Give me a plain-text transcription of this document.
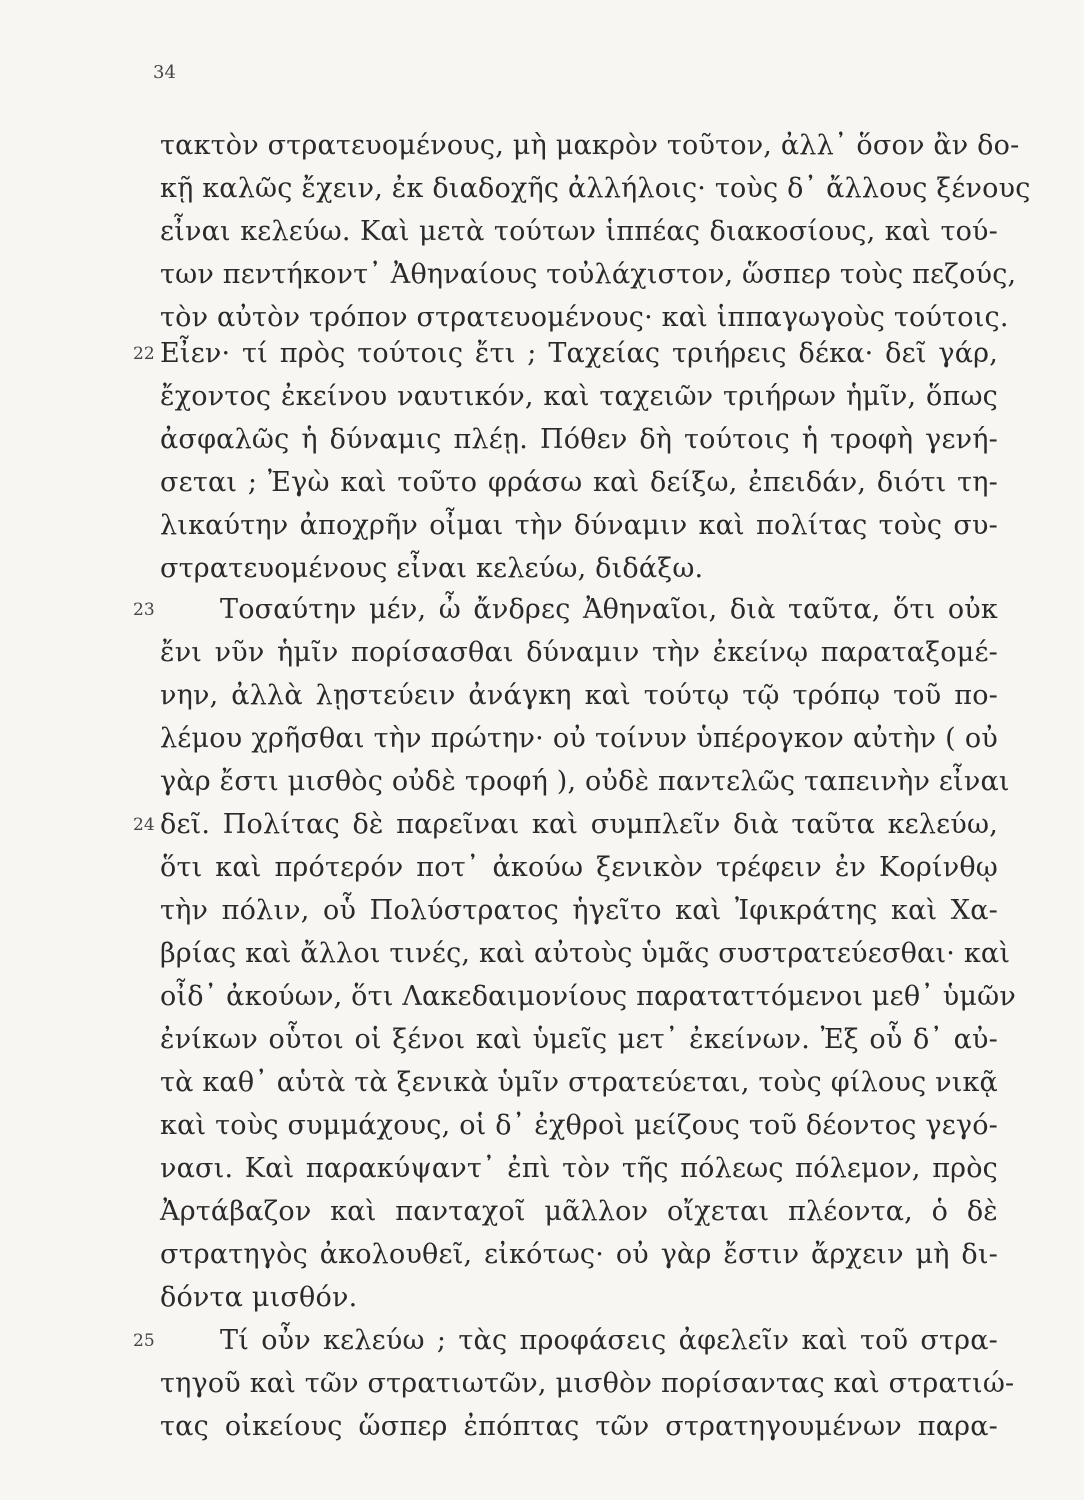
34
τακτὸν στρατευομένους, μὴ μακρὸν τοῦτον, ἀλλ᾽ ὅσον ἂν δο-
κῇ καλῶς ἔχειν, ἐκ διαδοχῆς ἀλλήλοις· τοὺς δ᾽ ἄλλους ξένους
εἶναι κελεύω. Καὶ μετὰ τούτων ἱππέας διακοσίους, καὶ τού-
των πεντήκοντ᾽ Ἀθηναίους τοὐλάχιστον, ὥσπερ τοὺς πεζούς,
τὸν αὐτὸν τρόπον στρατευομένους· καὶ ἱππαγωγοὺς τούτοις.
22 Εἶεν· τί πρὸς τούτοις ἔτι ; Ταχείας τριήρεις δέκα· δεῖ γάρ,
ἔχοντος ἐκείνου ναυτικόν, καὶ ταχειῶν τριήρων ἡμῖν, ὅπως
ἀσφαλῶς ἡ δύναμις πλέῃ. Πόθεν δὴ τούτοις ἡ τροφὴ γενή-
σεται ; Ἐγὼ καὶ τοῦτο φράσω καὶ δείξω, ἐπειδάν, διότι τη-
λικαύτην ἀποχρῆν οἶμαι τὴν δύναμιν καὶ πολίτας τοὺς συ-
στρατευομένους εἶναι κελεύω, διδάξω.
23 Τοσαύτην μέν, ὦ ἄνδρες Ἀθηναῖοι, διὰ ταῦτα, ὅτι οὐκ
ἔνι νῦν ἡμῖν πορίσασθαι δύναμιν τὴν ἐκείνῳ παραταξομέ-
νην, ἀλλὰ λῃστεύειν ἀνάγκη καὶ τούτῳ τῷ τρόπῳ τοῦ πο-
λέμου χρῆσθαι τὴν πρώτην· οὐ τοίνυν ὑπέρογκον αὐτὴν ( οὐ
γὰρ ἔστι μισθὸς οὐδὲ τροφή ), οὐδὲ παντελῶς ταπεινὴν εἶναι
24 δεῖ. Πολίτας δὲ παρεῖναι καὶ συμπλεῖν διὰ ταῦτα κελεύω,
ὅτι καὶ πρότερόν ποτ᾽ ἀκούω ξενικὸν τρέφειν ἐν Κορίνθῳ
τὴν πόλιν, οὗ Πολύστρατος ἡγεῖτο καὶ Ἰφικράτης καὶ Χα-
βρίας καὶ ἄλλοι τινές, καὶ αὐτοὺς ὑμᾶς συστρατεύεσθαι· καὶ
οἶδ᾽ ἀκούων, ὅτι Λακεδαιμονίους παραταττόμενοι μεθ᾽ ὑμῶν
ἐνίκων οὗτοι οἱ ξένοι καὶ ὑμεῖς μετ᾽ ἐκείνων. Ἐξ οὗ δ᾽ αὐ-
τὰ καθ᾽ αὑτὰ τὰ ξενικὰ ὑμῖν στρατεύεται, τοὺς φίλους νικᾷ
καὶ τοὺς συμμάχους, οἱ δ᾽ ἐχθροὶ μείζους τοῦ δέοντος γεγό-
νασι. Καὶ παρακύψαντ᾽ ἐπὶ τὸν τῆς πόλεως πόλεμον, πρὸς
Ἀρτάβαζον καὶ πανταχοῖ μᾶλλον οἴχεται πλέοντα, ὁ δὲ
στρατηγὸς ἀκολουθεῖ, εἰκότως· οὐ γὰρ ἔστιν ἄρχειν μὴ δι-
δόντα μισθόν.
25 Τί οὖν κελεύω ; τὰς προφάσεις ἀφελεῖν καὶ τοῦ στρα-
τηγοῦ καὶ τῶν στρατιωτῶν, μισθὸν πορίσαντας καὶ στρατιώ-
τας οἰκείους ὥσπερ ἐπόπτας τῶν στρατηγουμένων παρα-
